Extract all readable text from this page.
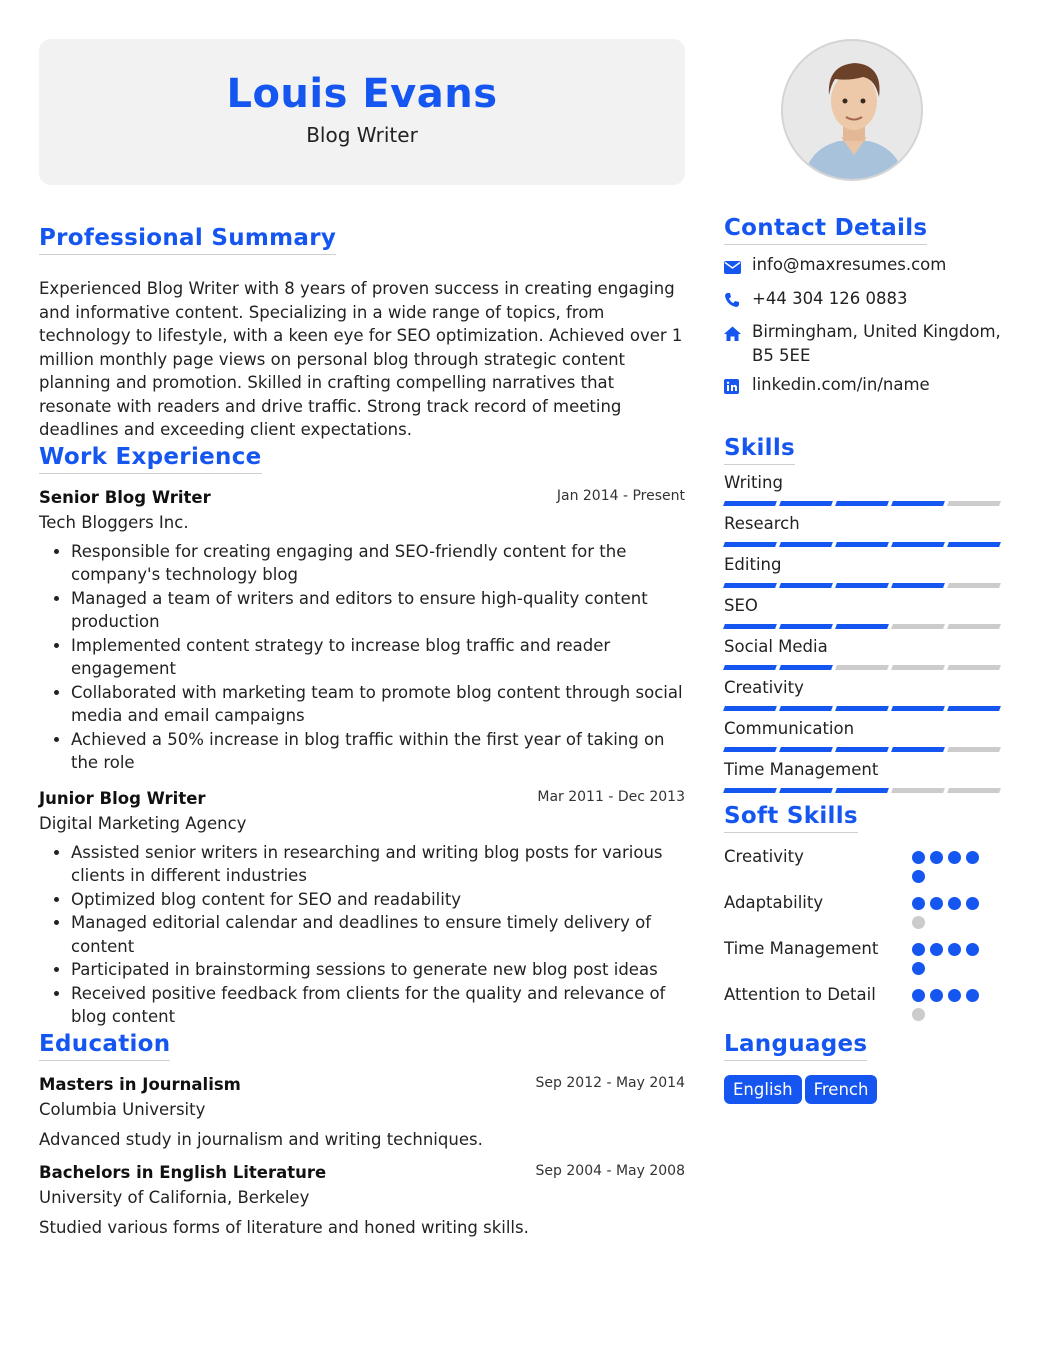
Louis Evans
Blog Writer
Professional Summary
Experienced Blog Writer with 8 years of proven success in creating engaging and informative content. Specializing in a wide range of topics, from technology to lifestyle, with a keen eye for SEO optimization. Achieved over 1 million monthly page views on personal blog through strategic content planning and promotion. Skilled in crafting compelling narratives that resonate with readers and drive traffic. Strong track record of meeting deadlines and exceeding client expectations.
Work Experience
Senior Blog Writer	Jan 2014 - Present
Tech Bloggers Inc.
• Responsible for creating engaging and SEO-friendly content for the company's technology blog
• Managed a team of writers and editors to ensure high-quality content production
• Implemented content strategy to increase blog traffic and reader engagement
• Collaborated with marketing team to promote blog content through social media and email campaigns
• Achieved a 50% increase in blog traffic within the first year of taking on the role
Junior Blog Writer	Mar 2011 - Dec 2013
Digital Marketing Agency
• Assisted senior writers in researching and writing blog posts for various clients in different industries
• Optimized blog content for SEO and readability
• Managed editorial calendar and deadlines to ensure timely delivery of content
• Participated in brainstorming sessions to generate new blog post ideas
• Received positive feedback from clients for the quality and relevance of blog content
Education
Masters in Journalism	Sep 2012 - May 2014
Columbia University
Advanced study in journalism and writing techniques.
Bachelors in English Literature	Sep 2004 - May 2008
University of California, Berkeley
Studied various forms of literature and honed writing skills.
Contact Details
info@maxresumes.com
+44 304 126 0883
Birmingham, United Kingdom, B5 5EE
linkedin.com/in/name
Skills
Writing
Research
Editing
SEO
Social Media
Creativity
Communication
Time Management
Soft Skills
Creativity
Adaptability
Time Management
Attention to Detail
Languages
English French
